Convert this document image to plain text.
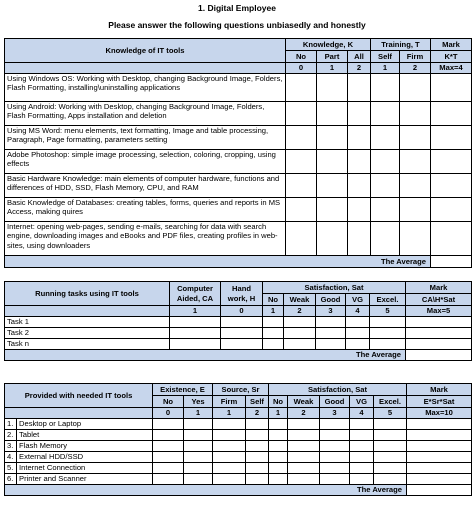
1. Digital Employee
Please answer the following questions unbiasedly and honestly
Knowledge of IT tools	Knowledge, K			Training, T		Mark
	No	Part	All	Self	Firm	K*T
	0	1	2	1	2	Max=4
Using Windows OS: Working with Desktop, changing Background Image, Folders, Flash Formatting, installing\uninstalling applications						
Using Android: Working with Desktop, changing Background Image, Folders, Flash Formatting, Apps installation and deletion						
Using MS Word: menu elements, text formatting, Image and table processing, Paragraph, Page formatting, parameters setting						
Adobe Photoshop: simple image processing, selection, coloring, cropping, using effects						
Basic Hardware Knowledge: main elements of computer hardware, functions and differences of HDD, SSD, Flash Memory, CPU, and RAM						
Basic Knowledge of Databases: creating tables, forms, queries and reports in MS Access, making quires						
Internet: opening web-pages, sending e-mails, searching for data with search engine, downloading images and eBooks and PDF files, creating profiles in web-sites, using downloaders						
The Average						
Running tasks using IT tools	Computer Aided, CA	Hand work, H	Satisfaction, Sat					Mark
			No	Weak	Good	VG	Excel.	CA\H*Sat
	1	0	1	2	3	4	5	Max=5
Task 1								
Task 2								
Task n								
The Average								
Provided with needed IT tools		Existence, E		Source, Sr		Satisfaction, Sat					Mark
		No	Yes	Firm	Self	No	Weak	Good	VG	Excel.	E*Sr*Sat
		0	1	1	2	1	2	3	4	5	Max=10
1.	Desktop or Laptop										
2.	Tablet										
3.	Flash Memory										
4.	External HDD/SSD										
5.	Internet Connection										
6.	Printer and Scanner										
The Average											
